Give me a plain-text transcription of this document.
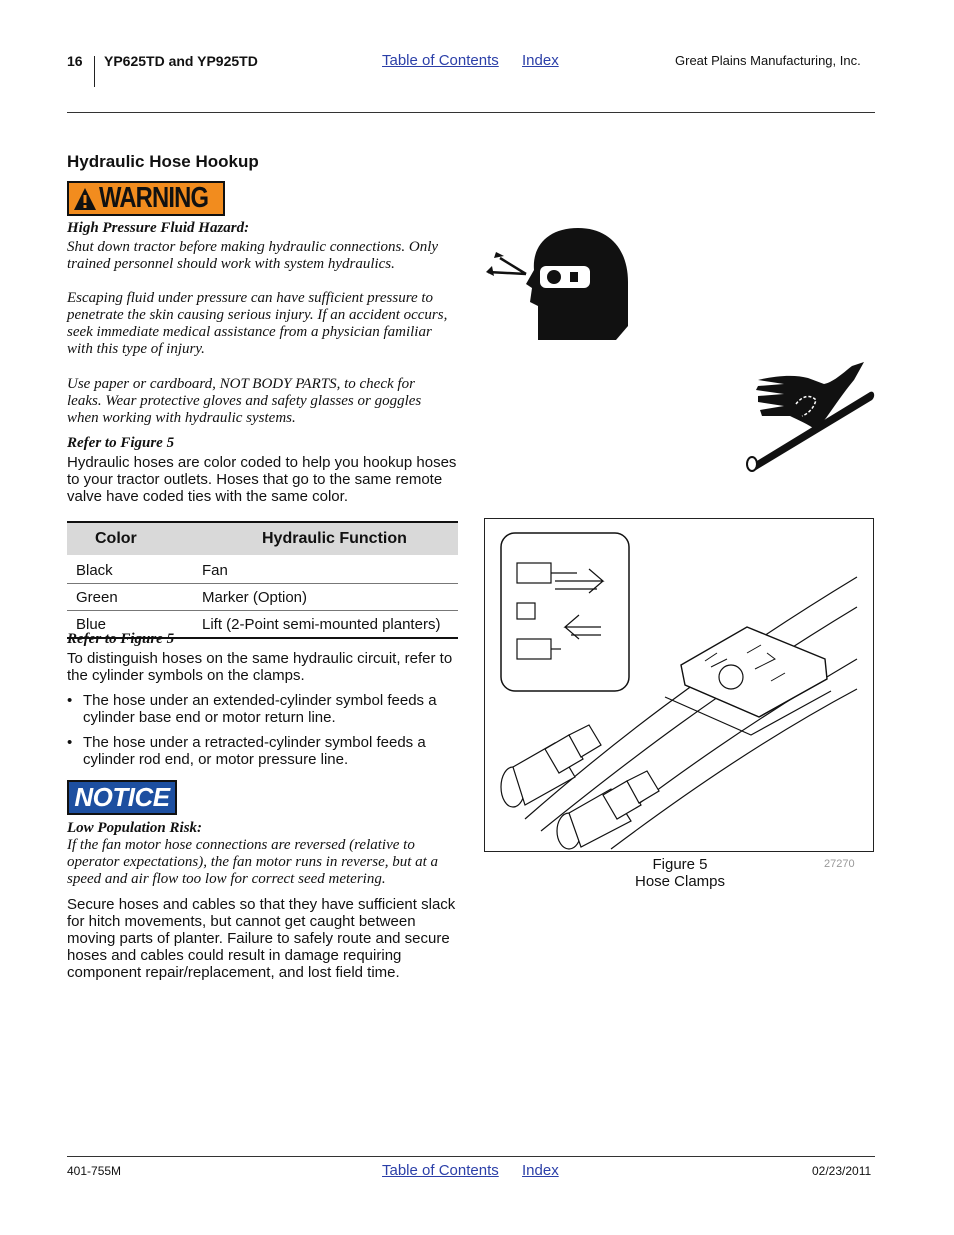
16 YP625TD and YP925TD	Table of Contents Index	Great Plains Manufacturing, Inc.
Hydraulic Hose Hookup
WARNING
High Pressure Fluid Hazard:
Shut down tractor before making hydraulic connections. Only trained personnel should work with system hydraulics.
Escaping fluid under pressure can have sufficient pressure to penetrate the skin causing serious injury. If an accident occurs, seek immediate medical assistance from a physician familiar with this type of injury.
Use paper or cardboard, NOT BODY PARTS, to check for leaks. Wear protective gloves and safety glasses or goggles when working with hydraulic systems.
Refer to Figure 5
Hydraulic hoses are color coded to help you hookup hoses to your tractor outlets. Hoses that go to the same remote valve have coded ties with the same color.
Color	Hydraulic Function
Black	Fan
Green	Marker (Option)
Blue	Lift (2-Point semi-mounted planters)
Refer to Figure 5
To distinguish hoses on the same hydraulic circuit, refer to the cylinder symbols on the clamps.
• The hose under an extended-cylinder symbol feeds a cylinder base end or motor return line.
• The hose under a retracted-cylinder symbol feeds a cylinder rod end, or motor pressure line.
NOTICE
Low Population Risk:
If the fan motor hose connections are reversed (relative to operator expectations), the fan motor runs in reverse, but at a speed and air flow too low for correct seed metering.
Secure hoses and cables so that they have sufficient slack for hitch movements, but cannot get caught between moving parts of planter. Failure to safely route and secure hoses and cables could result in damage requiring component repair/replacement, and lost field time.
Figure 5
Hose Clamps
27270
401-755M	Table of Contents Index	02/23/2011
